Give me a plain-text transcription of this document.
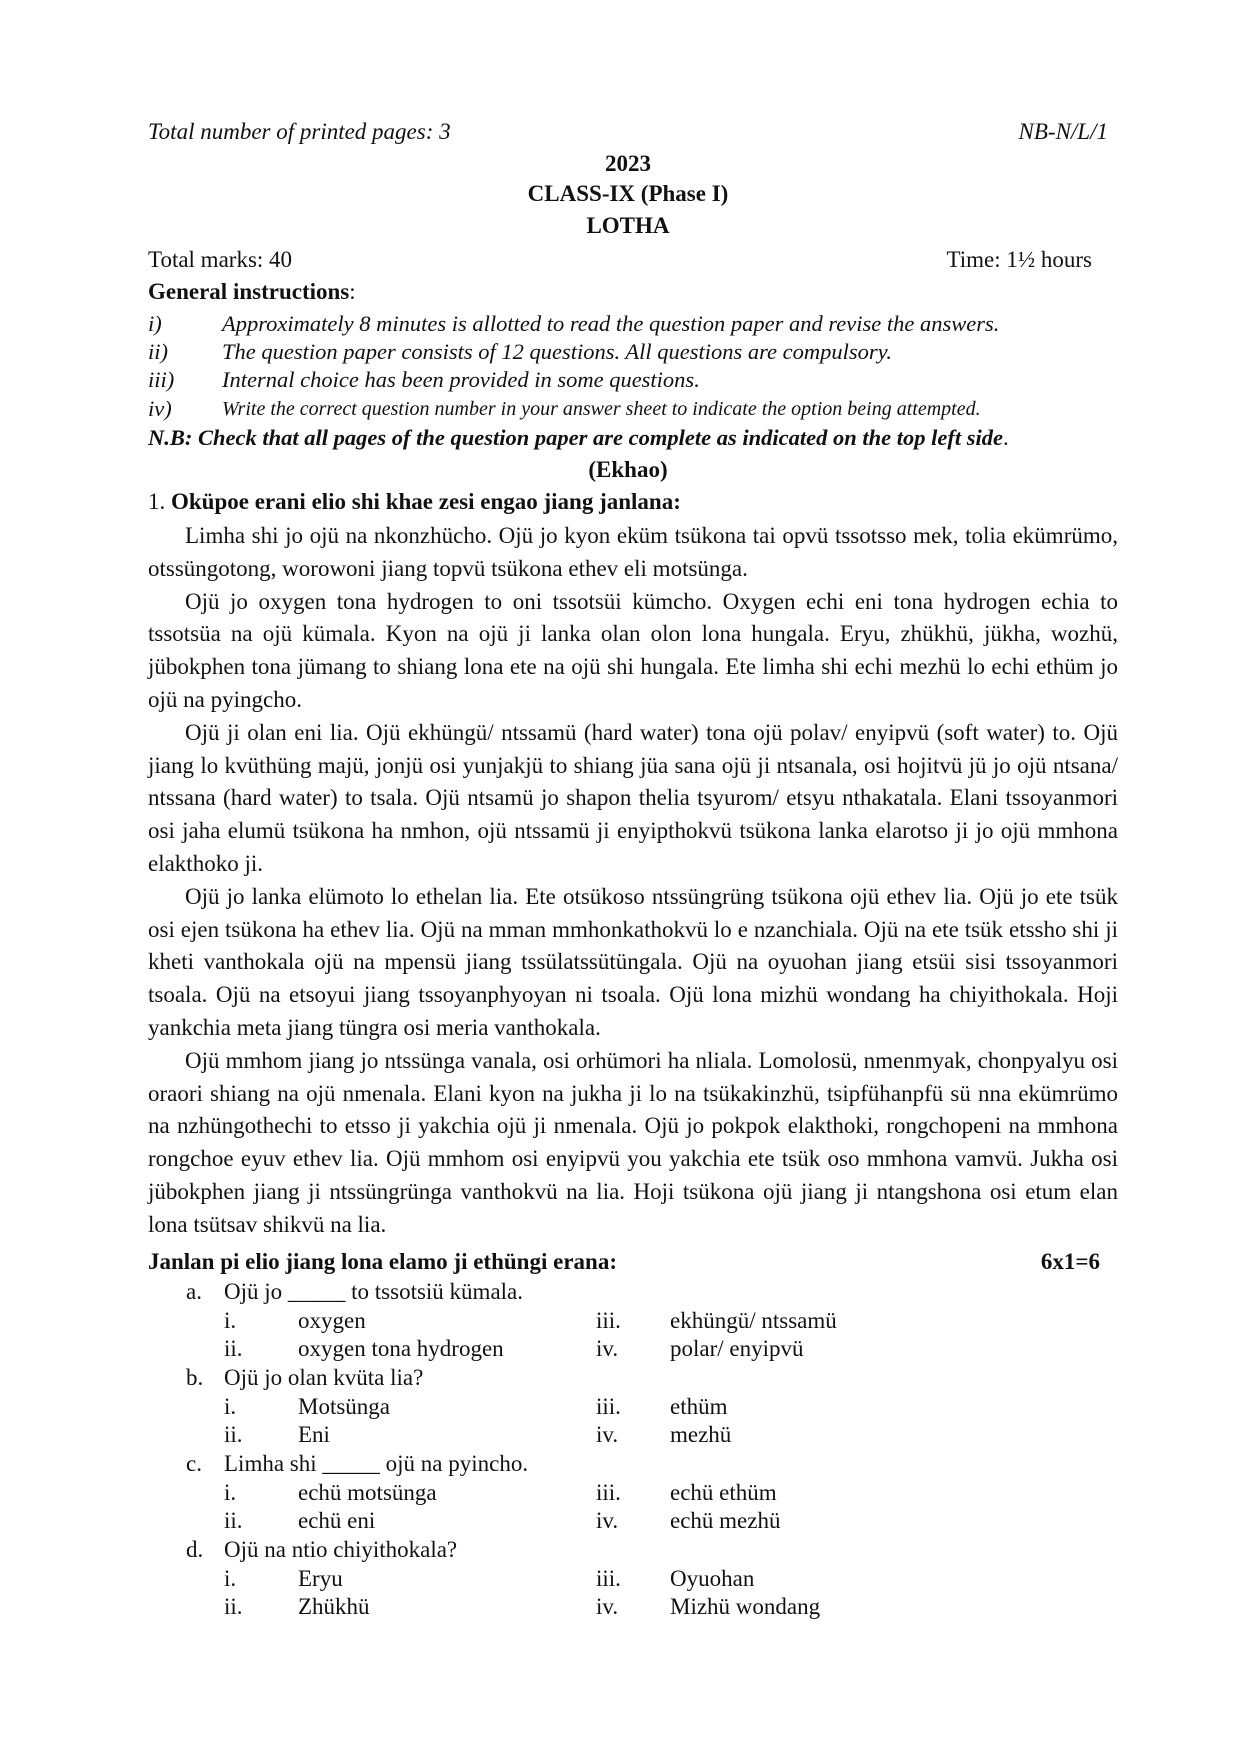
Total number of printed pages: 3	NB-N/L/1
2023
CLASS-IX (Phase I)
LOTHA
Total marks: 40	Time: 1½ hours
General instructions:
i)	Approximately 8 minutes is allotted to read the question paper and revise the answers.
ii) The question paper consists of 12 questions. All questions are compulsory.
iii) Internal choice has been provided in some questions.
iv)	Write the correct question number in your answer sheet to indicate the option being attempted.
N.B: Check that all pages of the question paper are complete as indicated on the top left side.
(Ekhao)
1. Oküpoe erani elio shi khae zesi engao jiang janlana:

Limha shi jo ojü na nkonzhücho. Ojü jo kyon eküm tsükona tai opvü tssotsso mek, tolia ekümrümo, otssüngotong, worowoni jiang topvü tsükona ethev eli motsünga.

Ojü jo oxygen tona hydrogen to oni tssotsüi kümcho. Oxygen echi eni tona hydrogen echia to tssotsüa na ojü kümala. Kyon na ojü ji lanka olan olon lona hungala. Eryu, zhükhü, jükha, wozhü, jübokphen tona jümang to shiang lona ete na ojü shi hungala. Ete limha shi echi mezhü lo echi ethüm jo ojü na pyingcho.

Ojü ji olan eni lia. Ojü ekhüngü/ ntssamü (hard water) tona ojü polav/ enyipvü (soft water) to. Ojü jiang lo kvüthüng majü, jonjü osi yunjakjü to shiang jüa sana ojü ji ntsanala, osi hojitvü jü jo ojü ntsana/ ntssana (hard water) to tsala. Ojü ntsamü jo shapon thelia tsyurom/ etsyu nthakatala. Elani tssoyanmori osi jaha elumü tsükona ha nmhon, ojü ntssamü ji enyipthokvü tsükona lanka elarotso ji jo ojü mmhona elakthoko ji.

Ojü jo lanka elümoto lo ethelan lia. Ete otsükoso ntssüngrüng tsükona ojü ethev lia. Ojü jo ete tsük osi ejen tsükona ha ethev lia. Ojü na mman mmhonkathokvü lo e nzanchiala. Ojü na ete tsük etssho shi ji kheti vanthokala ojü na mpensü jiang tssülatssütüngala. Ojü na oyuohan jiang etsüi sisi tssoyanmori tsoala. Ojü na etsoyui jiang tssoyanphyoyan ni tsoala. Ojü lona mizhü wondang ha chiyithokala. Hoji yankchia meta jiang tüngra osi meria vanthokala.

Ojü mmhom jiang jo ntssünga vanala, osi orhümori ha nliala. Lomolosü, nmenmyak, chonpyalyu osi oraori shiang na ojü nmenala. Elani kyon na jukha ji lo na tsükakinzhü, tsipfühanpfü sü nna ekümrümo na nzhüngothechi to etsso ji yakchia ojü ji nmenala. Ojü jo pokpok elakthoki, rongchopeni na mmhona rongchoe eyuv ethev lia. Ojü mmhom osi enyipvü you yakchia ete tsük oso mmhona vamvü. Jukha osi jübokphen jiang ji ntssüngrünga vanthokvü na lia. Hoji tsükona ojü jiang ji ntangshona osi etum elan lona tsütsav shikvü na lia.

Janlan pi elio jiang lona elamo ji ethüngi erana:	6x1=6
a. Ojü jo _____ to tssotsiü kümala.
i.	oxygen
ii. oxygen tona hydrogen
iii. ekhüngü/ ntssamü
iv. polar/ enyipvü
b. Ojü jo olan kvüta lia?
i.	Motsünga
ii. Eni
iii. ethüm
iv. mezhü
c. Limha shi _____ ojü na pyincho.
i.	echü motsünga
ii. echü eni
iii. echü ethüm
iv. echü mezhü
d. Ojü na ntio chiyithokala?
i.	Eryu
ii. Zhükhü
iii. Oyuohan
iv. Mizhü wondang
